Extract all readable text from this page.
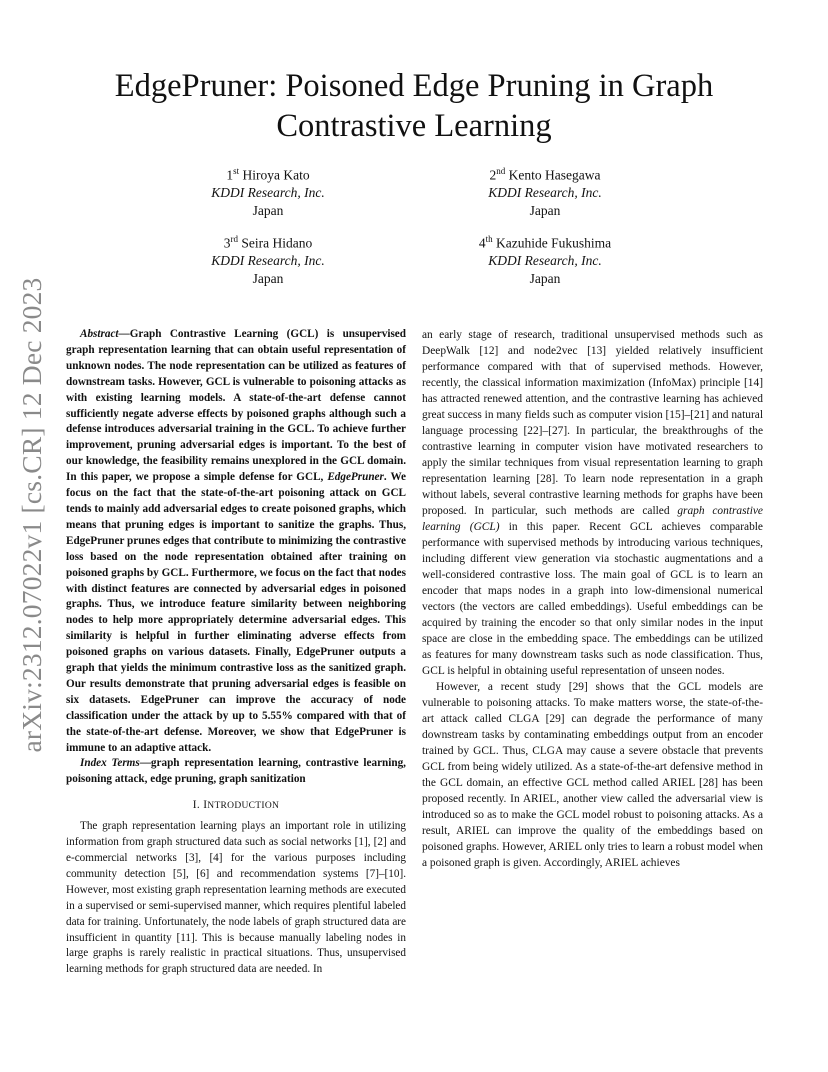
arXiv:2312.07022v1 [cs.CR] 12 Dec 2023
EdgePruner: Poisoned Edge Pruning in Graph
Contrastive Learning
1st Hiroya Kato
KDDI Research, Inc.
Japan
2nd Kento Hasegawa
KDDI Research, Inc.
Japan
3rd Seira Hidano
KDDI Research, Inc.
Japan
4th Kazuhide Fukushima
KDDI Research, Inc.
Japan

Abstract—Graph Contrastive Learning (GCL) is unsupervised graph representation learning that can obtain useful representation of unknown nodes. The node representation can be utilized as features of downstream tasks. However, GCL is vulnerable to poisoning attacks as with existing learning models. A state-of-the-art defense cannot sufficiently negate adverse effects by poisoned graphs although such a defense introduces adversarial training in the GCL. To achieve further improvement, pruning adversarial edges is important. To the best of our knowledge, the feasibility remains unexplored in the GCL domain. In this paper, we propose a simple defense for GCL, EdgePruner. We focus on the fact that the state-of-the-art poisoning attack on GCL tends to mainly add adversarial edges to create poisoned graphs, which means that pruning edges is important to sanitize the graphs. Thus, EdgePruner prunes edges that contribute to minimizing the contrastive loss based on the node representation obtained after training on poisoned graphs by GCL. Furthermore, we focus on the fact that nodes with distinct features are connected by adversarial edges in poisoned graphs. Thus, we introduce feature similarity between neighboring nodes to help more appropriately determine adversarial edges. This similarity is helpful in further eliminating adverse effects from poisoned graphs on various datasets. Finally, EdgePruner outputs a graph that yields the minimum contrastive loss as the sanitized graph. Our results demonstrate that pruning adversarial edges is feasible on six datasets. EdgePruner can improve the accuracy of node classification under the attack by up to 5.55% compared with that of the state-of-the-art defense. Moreover, we show that EdgePruner is immune to an adaptive attack.

Index Terms—graph representation learning, contrastive learning, poisoning attack, edge pruning, graph sanitization

I. INTRODUCTION

The graph representation learning plays an important role in utilizing information from graph structured data such as social networks [1], [2] and e-commercial networks [3], [4] for the various purposes including community detection [5], [6] and recommendation systems [7]–[10]. However, most existing graph representation learning methods are executed in a supervised or semi-supervised manner, which requires plentiful labeled data for training. Unfortunately, the node labels of graph structured data are insufficient in quantity [11]. This is because manually labeling nodes in large graphs is rarely realistic in practical situations. Thus, unsupervised learning methods for graph structured data are needed. In

an early stage of research, traditional unsupervised methods such as DeepWalk [12] and node2vec [13] yielded relatively insufficient performance compared with that of supervised methods. However, recently, the classical information maximization (InfoMax) principle [14] has attracted renewed attention, and the contrastive learning has achieved great success in many fields such as computer vision [15]–[21] and natural language processing [22]–[27]. In particular, the breakthroughs of the contrastive learning in computer vision have motivated researchers to apply the similar techniques from visual representation learning to graph representation learning [28]. To learn node representation in a graph without labels, several contrastive learning methods for graphs have been proposed. In particular, such methods are called graph contrastive learning (GCL) in this paper. Recent GCL achieves comparable performance with supervised methods by introducing various techniques, including different view generation via stochastic augmentations and a well-considered contrastive loss. The main goal of GCL is to learn an encoder that maps nodes in a graph into low-dimensional numerical vectors (the vectors are called embeddings). Useful embeddings can be acquired by training the encoder so that only similar nodes in the input space are close in the embedding space. The embeddings can be utilized as features for many downstream tasks such as node classification. Thus, GCL is helpful in obtaining useful representation of unseen nodes.

However, a recent study [29] shows that the GCL models are vulnerable to poisoning attacks. To make matters worse, the state-of-the-art attack called CLGA [29] can degrade the performance of many downstream tasks by contaminating embeddings output from an encoder trained by GCL. Thus, CLGA may cause a severe obstacle that prevents GCL from being widely utilized. As a state-of-the-art defensive method in the GCL domain, an effective GCL method called ARIEL [28] has been proposed recently. In ARIEL, another view called the adversarial view is introduced so as to make the GCL model robust to poisoning attacks. As a result, ARIEL can improve the quality of the embeddings based on poisoned graphs. However, ARIEL only tries to learn a robust model when a poisoned graph is given. Accordingly, ARIEL achieves
